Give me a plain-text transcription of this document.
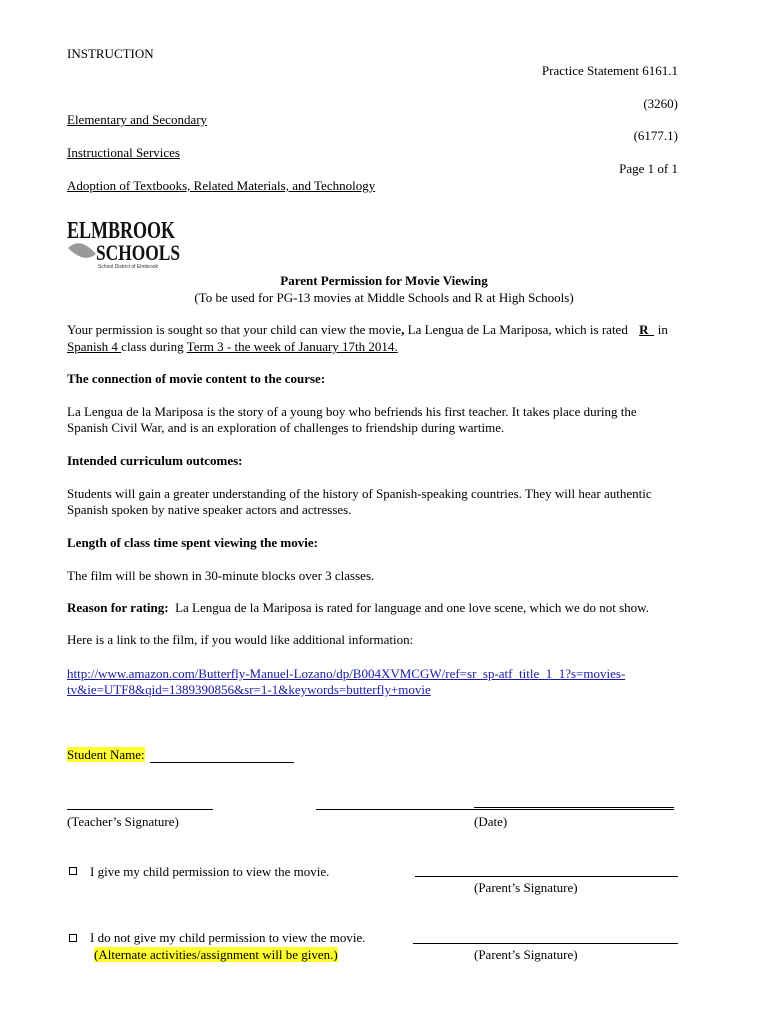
INSTRUCTION
Practice Statement 6161.1
(3260)
Elementary and Secondary
(6177.1)
Instructional Services
Page 1 of 1
Adoption of Textbooks, Related Materials, and Technology
ELMBROOK
SCHOOLS
School District of Elmbrook
Parent Permission for Movie Viewing
(To be used for PG-13 movies at Middle Schools and R at High Schools)
Your permission is sought so that your child can view the movie, La Lengua de La Mariposa, which is rated R in
Spanish 4 class during Term 3 - the week of January 17th 2014.
The connection of movie content to the course:
La Lengua de la Mariposa is the story of a young boy who befriends his first teacher. It takes place during the
Spanish Civil War, and is an exploration of challenges to friendship during wartime.
Intended curriculum outcomes:
Students will gain a greater understanding of the history of Spanish-speaking countries. They will hear authentic
Spanish spoken by native speaker actors and actresses.
Length of class time spent viewing the movie:
The film will be shown in 30-minute blocks over 3 classes.
Reason for rating:  La Lengua de la Mariposa is rated for language and one love scene, which we do not show.
Here is a link to the film, if you would like additional information:
http://www.amazon.com/Butterfly-Manuel-Lozano/dp/B004XVMCGW/ref=sr_sp-atf_title_1_1?s=movies-
tv&ie=UTF8&qid=1389390856&sr=1-1&keywords=butterfly+movie
Student Name:
(Teacher’s Signature)	(Date)
I give my child permission to view the movie.
(Parent’s Signature)
I do not give my child permission to view the movie.
(Alternate activities/assignment will be given.)	(Parent’s Signature)
